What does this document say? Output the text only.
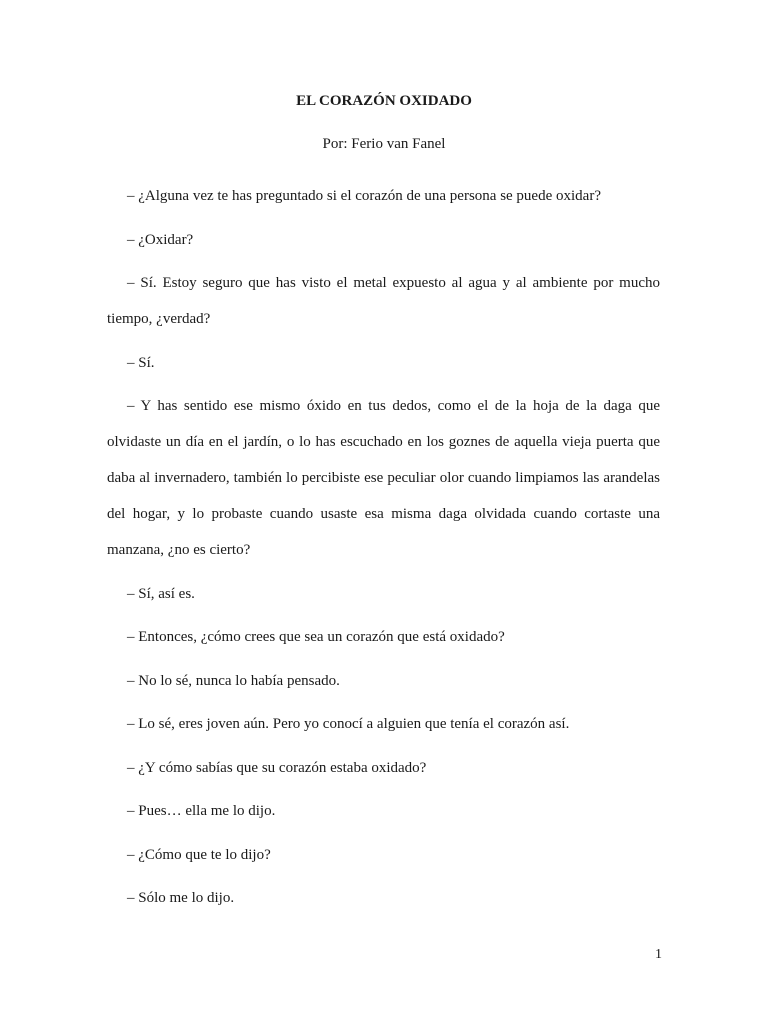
EL CORAZÓN OXIDADO
Por: Ferio van Fanel

– ¿Alguna vez te has preguntado si el corazón de una persona se puede oxidar?

– ¿Oxidar?

– Sí. Estoy seguro que has visto el metal expuesto al agua y al ambiente por mucho tiempo, ¿verdad?

– Sí.

– Y has sentido ese mismo óxido en tus dedos, como el de la hoja de la daga que olvidaste un día en el jardín, o lo has escuchado en los goznes de aquella vieja puerta que daba al invernadero, también lo percibiste ese peculiar olor cuando limpiamos las arandelas del hogar, y lo probaste cuando usaste esa misma daga olvidada cuando cortaste una manzana, ¿no es cierto?

– Sí, así es.

– Entonces, ¿cómo crees que sea un corazón que está oxidado?

– No lo sé, nunca lo había pensado.

– Lo sé, eres joven aún. Pero yo conocí a alguien que tenía el corazón así.

– ¿Y cómo sabías que su corazón estaba oxidado?

– Pues… ella me lo dijo.

– ¿Cómo que te lo dijo?

– Sólo me lo dijo.

1
